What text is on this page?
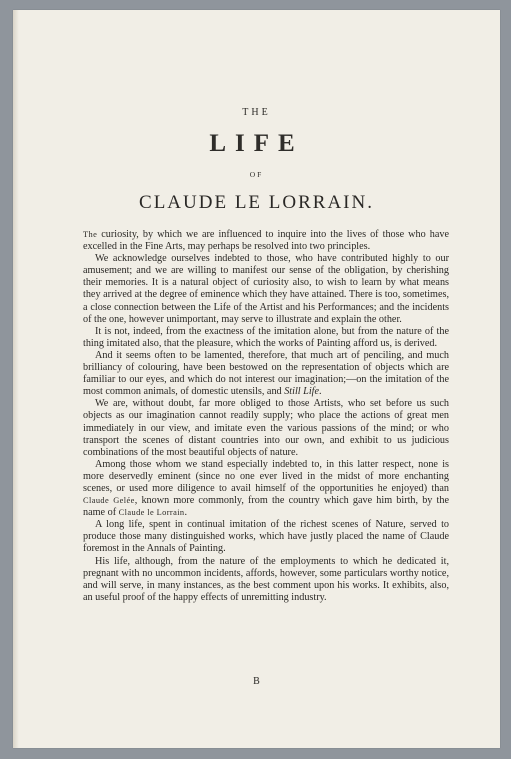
THE
LIFE
OF
CLAUDE LE LORRAIN.

The curiosity, by which we are influenced to inquire into the lives of those who have excelled in the Fine Arts, may perhaps be resolved into two principles.

We acknowledge ourselves indebted to those, who have contributed highly to our amusement; and we are willing to manifest our sense of the obligation, by cherishing their memories. It is a natural object of curiosity also, to wish to learn by what means they arrived at the degree of eminence which they have attained. There is too, sometimes, a close connection between the Life of the Artist and his Performances; and the incidents of the one, however unimportant, may serve to illustrate and explain the other.

It is not, indeed, from the exactness of the imitation alone, but from the nature of the thing imitated also, that the pleasure, which the works of Painting afford us, is derived.

And it seems often to be lamented, therefore, that much art of penciling, and much brilliancy of colouring, have been bestowed on the representation of objects which are familiar to our eyes, and which do not interest our imagination;—on the imitation of the most common animals, of domestic utensils, and Still Life.

We are, without doubt, far more obliged to those Artists, who set before us such objects as our imagination cannot readily supply; who place the actions of great men immediately in our view, and imitate even the various passions of the mind; or who transport the scenes of distant countries into our own, and exhibit to us judicious combinations of the most beautiful objects of nature.

Among those whom we stand especially indebted to, in this latter respect, none is more deservedly eminent (since no one ever lived in the midst of more enchanting scenes, or used more diligence to avail himself of the opportunities he enjoyed) than Claude Gelée, known more commonly, from the country which gave him birth, by the name of Claude le Lorrain.

A long life, spent in continual imitation of the richest scenes of Nature, served to produce those many distinguished works, which have justly placed the name of Claude foremost in the Annals of Painting.

His life, although, from the nature of the employments to which he dedicated it, pregnant with no uncommon incidents, affords, however, some particulars worthy notice, and will serve, in many instances, as the best comment upon his works. It exhibits, also, an useful proof of the happy effects of unremitting industry.

B
